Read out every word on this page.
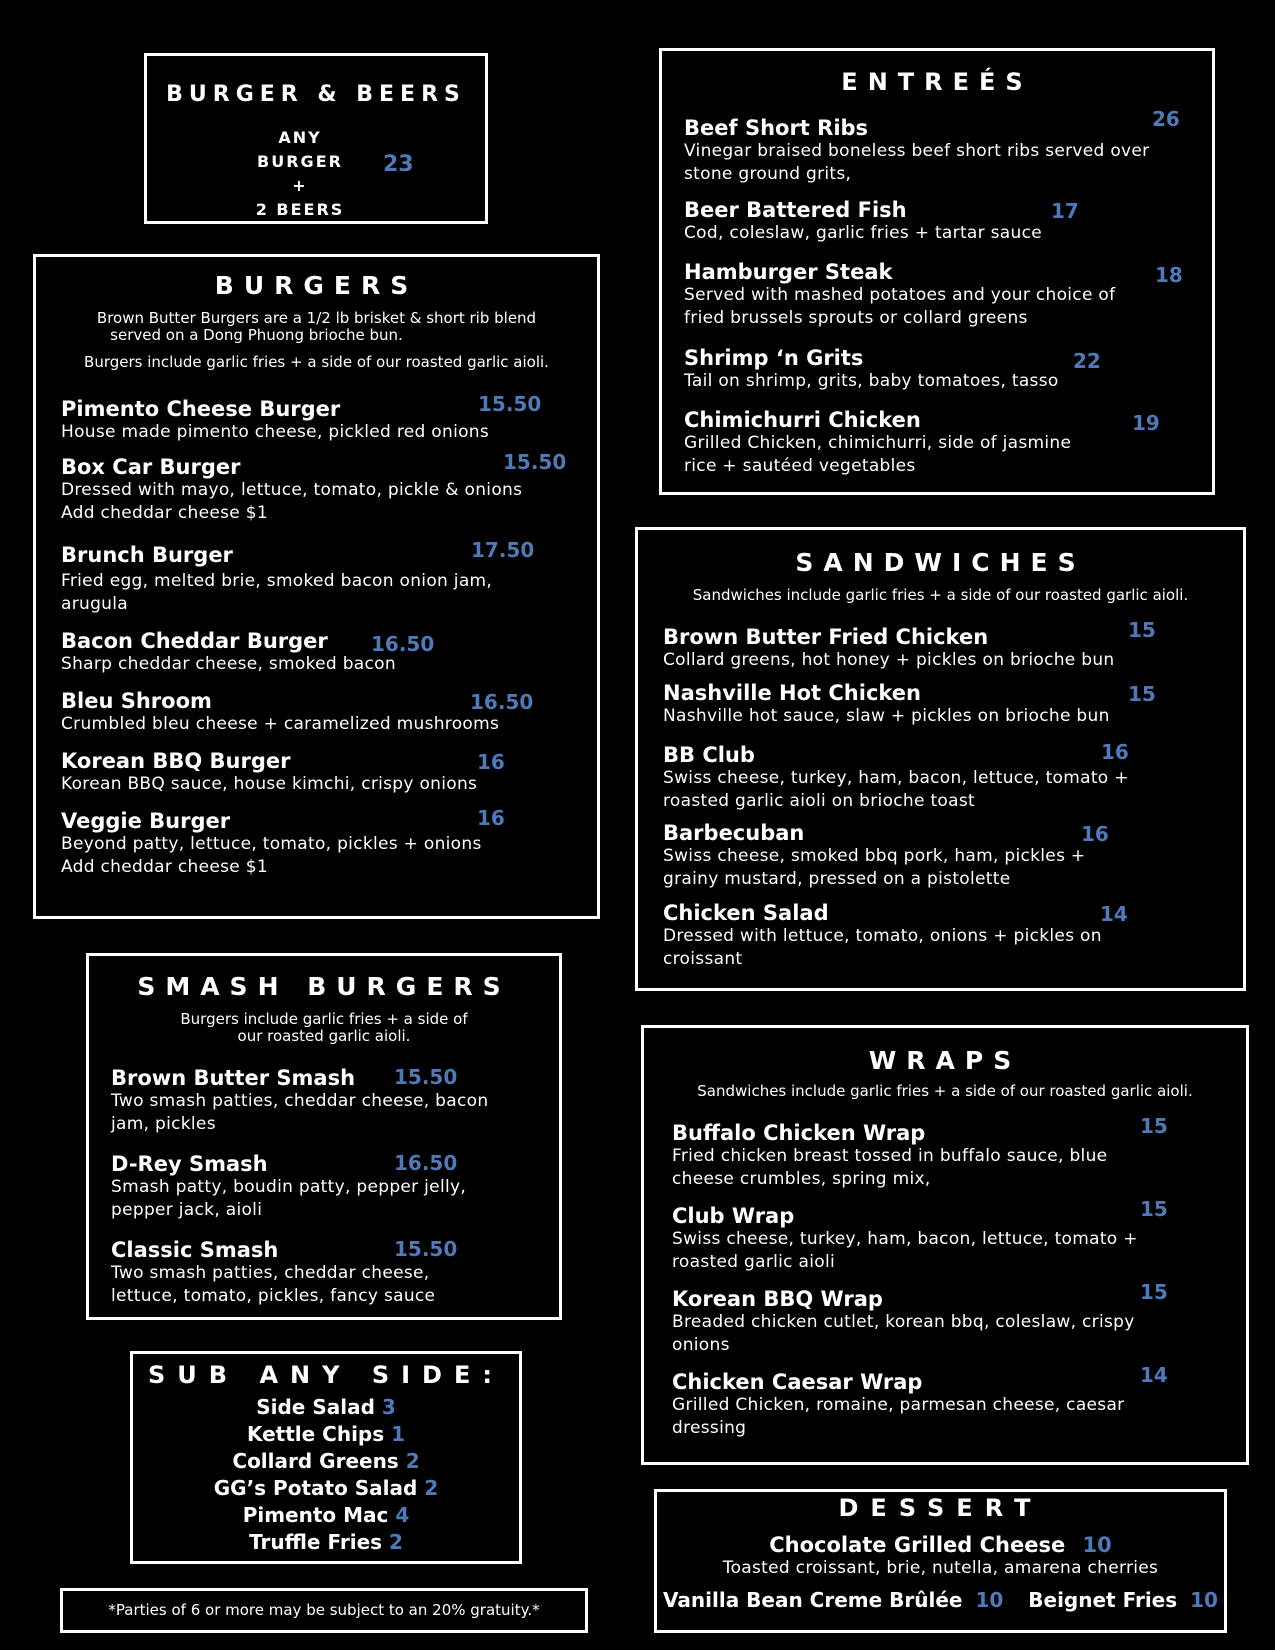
BURGER & BEERS
ANY BURGER
+
2 BEERS
23
BURGERS

Brown Butter Burgers are a 1/2 lb brisket & short rib blend

served on a Dong Phuong brioche bun.

Burgers include garlic fries + a side of our roasted garlic aioli.

Pimento Cheese Burger
House made pimento cheese, pickled red onions
15.50
Box Car Burger
Dressed with mayo, lettuce, tomato, pickle & onions
Add cheddar cheese $1
15.50
Brunch Burger
Fried egg, melted brie, smoked bacon onion jam,
arugula
17.50
Bacon Cheddar Burger
Sharp cheddar cheese, smoked bacon
16.50
Bleu Shroom
Crumbled bleu cheese + caramelized mushrooms
16.50
Korean BBQ Burger
Korean BBQ sauce, house kimchi, crispy onions
16
Veggie Burger
Beyond patty, lettuce, tomato, pickles + onions
Add cheddar cheese $1
16
SMASH BURGERS

Burgers include garlic fries + a side of

our roasted garlic aioli.

Brown Butter Smash
Two smash patties, cheddar cheese, bacon
jam, pickles
15.50
D-Rey Smash
Smash patty, boudin patty, pepper jelly,
pepper jack, aioli
16.50
Classic Smash
Two smash patties, cheddar cheese,
lettuce, tomato, pickles, fancy sauce
15.50
SUB ANY SIDE:
Side Salad 3
Kettle Chips 1
Collard Greens 2
GG’s Potato Salad 2
Pimento Mac 4
Truffle Fries 2
*Parties of 6 or more may be subject to an 20% gratuity.*
ENTREÉS
Beef Short Ribs
Vinegar braised boneless beef short ribs served over
stone ground grits,
26
Beer Battered Fish
Cod, coleslaw, garlic fries + tartar sauce
17
Hamburger Steak
Served with mashed potatoes and your choice of
fried brussels sprouts or collard greens
18
Shrimp ‘n Grits
Tail on shrimp, grits, baby tomatoes, tasso
22
Chimichurri Chicken
Grilled Chicken, chimichurri, side of jasmine
rice + sautéed vegetables
19
SANDWICHES

Sandwiches include garlic fries + a side of our roasted garlic aioli.

Brown Butter Fried Chicken
Collard greens, hot honey + pickles on brioche bun
15
Nashville Hot Chicken
Nashville hot sauce, slaw + pickles on brioche bun
15
BB Club
Swiss cheese, turkey, ham, bacon, lettuce, tomato +
roasted garlic aioli on brioche toast
16
Barbecuban
Swiss cheese, smoked bbq pork, ham, pickles +
grainy mustard, pressed on a pistolette
16
Chicken Salad
Dressed with lettuce, tomato, onions + pickles on
croissant
14
WRAPS

Sandwiches include garlic fries + a side of our roasted garlic aioli.

Buffalo Chicken Wrap
Fried chicken breast tossed in buffalo sauce, blue
cheese crumbles, spring mix,
15
Club Wrap
Swiss cheese, turkey, ham, bacon, lettuce, tomato +
roasted garlic aioli
15
Korean BBQ Wrap
Breaded chicken cutlet, korean bbq, coleslaw, crispy
onions
15
Chicken Caesar Wrap
Grilled Chicken, romaine, parmesan cheese, caesar
dressing
14
DESSERT
Chocolate Grilled Cheese 10
Toasted croissant, brie, nutella, amarena cherries
Vanilla Bean Creme Brûlée 10 Beignet Fries 10
